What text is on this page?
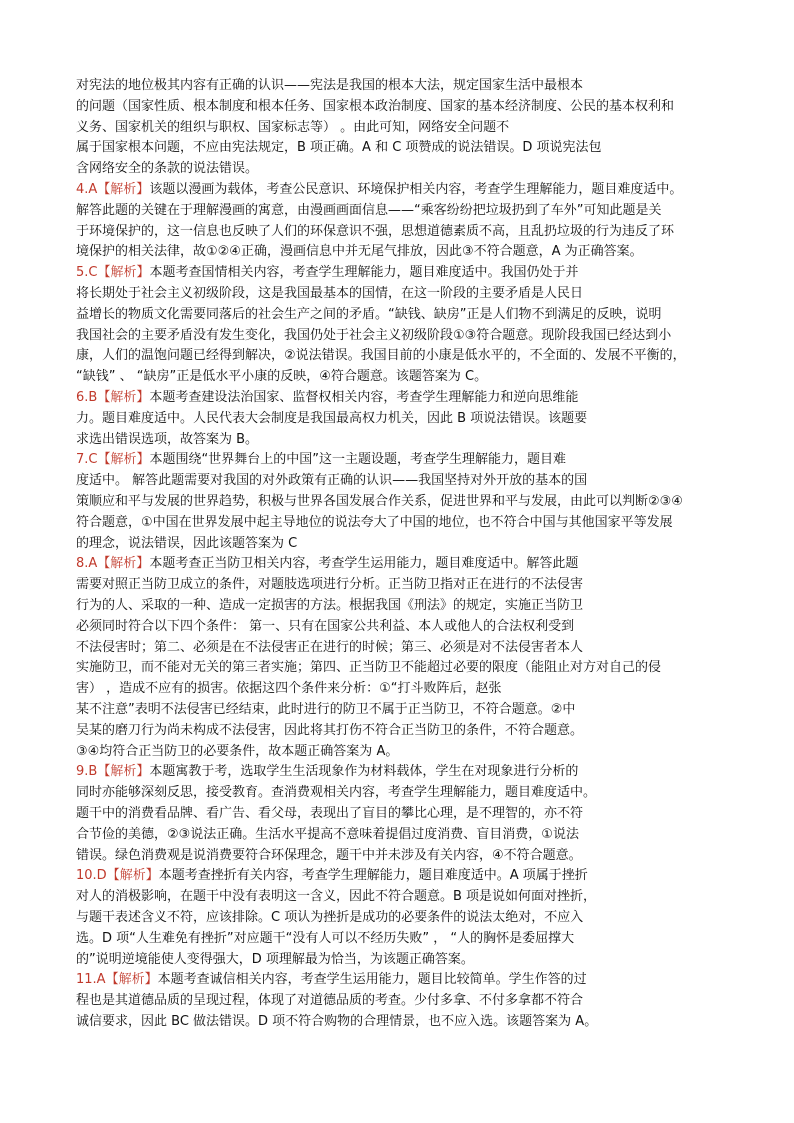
对宪法的地位极其内容有正确的认识——宪法是我国的根本大法，规定国家生活中最根本
的问题（国家性质、根本制度和根本任务、国家根本政治制度、国家的基本经济制度、公民的基本权利和
义务、国家机关的组织与职权、国家标志等） 。由此可知，网络安全问题不
属于国家根本问题，不应由宪法规定，B 项正确。A 和 C 项赞成的说法错误。D 项说宪法包
含网络安全的条款的说法错误。
4.A【解析】该题以漫画为载体，考查公民意识、环境保护相关内容，考查学生理解能力，题目难度适中。
解答此题的关键在于理解漫画的寓意，由漫画画面信息——“乘客纷纷把垃圾扔到了车外”可知此题是关
于环境保护的，这一信息也反映了人们的环保意识不强，思想道德素质不高，且乱扔垃圾的行为违反了环
境保护的相关法律，故①②④正确，漫画信息中并无尾气排放，因此③不符合题意，A 为正确答案。
5.C【解析】本题考查国情相关内容，考查学生理解能力，题目难度适中。我国仍处于并
将长期处于社会主义初级阶段，这是我国最基本的国情，在这一阶段的主要矛盾是人民日
益增长的物质文化需要同落后的社会生产之间的矛盾。“缺钱、缺房”正是人们物不到满足的反映，说明
我国社会的主要矛盾没有发生变化，我国仍处于社会主义初级阶段①③符合题意。现阶段我国已经达到小
康，人们的温饱问题已经得到解决，②说法错误。我国目前的小康是低水平的，不全面的、发展不平衡的，
“缺钱” 、 “缺房”正是低水平小康的反映，④符合题意。该题答案为 C。
6.B【解析】本题考查建设法治国家、监督权相关内容，考查学生理解能力和逆向思维能
力。题目难度适中。人民代表大会制度是我国最高权力机关，因此 B 项说法错误。该题要
求选出错误选项，故答案为 B。
7.C【解析】本题围绕“世界舞台上的中国”这一主题设题，考查学生理解能力，题目难
度适中。 解答此题需要对我国的对外政策有正确的认识——我国坚持对外开放的基本的国
策顺应和平与发展的世界趋势，积极与世界各国发展合作关系，促进世界和平与发展，由此可以判断②③④
符合题意，①中国在世界发展中起主导地位的说法夸大了中国的地位，也不符合中国与其他国家平等发展
的理念，说法错误，因此该题答案为 C
8.A【解析】本题考查正当防卫相关内容，考查学生运用能力，题目难度适中。解答此题
需要对照正当防卫成立的条件，对题肢选项进行分析。正当防卫指对正在进行的不法侵害
行为的人、采取的一种、造成一定损害的方法。根据我国《刑法》的规定，实施正当防卫
必须同时符合以下四个条件： 第一、只有在国家公共利益、本人或他人的合法权利受到
不法侵害时；第二、必须是在不法侵害正在进行的时候；第三、必须是对不法侵害者本人
实施防卫，而不能对无关的第三者实施；第四、正当防卫不能超过必要的限度（能阻止对方对自己的侵
害） ，造成不应有的损害。依据这四个条件来分析：①“打斗败阵后，赵张
某不注意”表明不法侵害已经结束，此时进行的防卫不属于正当防卫，不符合题意。②中
吴某的磨刀行为尚未构成不法侵害，因此将其打伤不符合正当防卫的条件，不符合题意。
③④均符合正当防卫的必要条件，故本题正确答案为 A。
9.B【解析】本题寓教于考，选取学生生活现象作为材料载体，学生在对现象进行分析的
同时亦能够深刻反思，接受教育。查消费观相关内容，考查学生理解能力，题目难度适中。
题干中的消费看品牌、看广告、看父母，表现出了盲目的攀比心理，是不理智的，亦不符
合节俭的美德，②③说法正确。生活水平提高不意味着提倡过度消费、盲目消费，①说法
错误。绿色消费观是说消费要符合环保理念，题干中并未涉及有关内容，④不符合题意。
10.D【解析】本题考查挫折有关内容，考查学生理解能力，题目难度适中。A 项属于挫折
对人的消极影响，在题干中没有表明这一含义，因此不符合题意。B 项是说如何面对挫折，
与题干表述含义不符，应该排除。C 项认为挫折是成功的必要条件的说法太绝对，不应入
选。D 项“人生难免有挫折”对应题干“没有人可以不经历失败” ， “人的胸怀是委屈撑大
的”说明逆境能使人变得强大，D 项理解最为恰当，为该题正确答案。
11.A【解析】本题考查诚信相关内容，考查学生运用能力，题目比较简单。学生作答的过
程也是其道德品质的呈现过程，体现了对道德品质的考查。少付多拿、不付多拿都不符合
诚信要求，因此 BC 做法错误。D 项不符合购物的合理情景，也不应入选。该题答案为 A。
